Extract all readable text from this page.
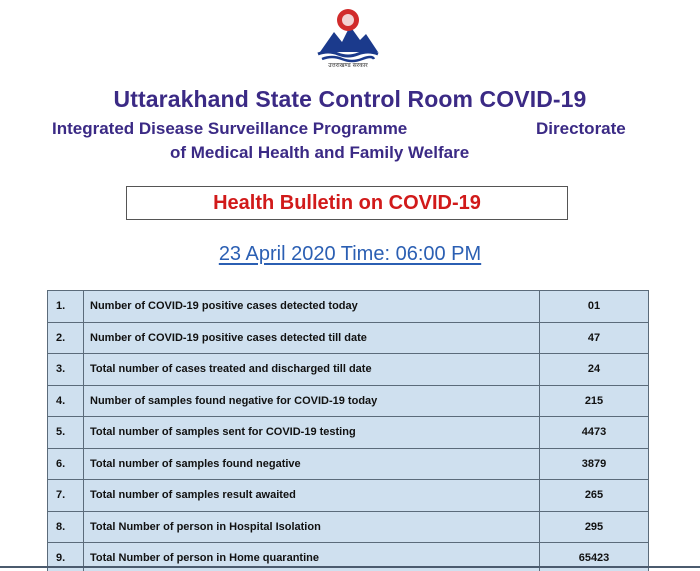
उत्तराखण्ड सरकार
Uttarakhand State Control Room COVID-19
Integrated Disease Surveillance Programme	Directorate
of Medical Health and Family Welfare
Health Bulletin on COVID-19
23 April 2020 Time: 06:00 PM
1.	Number of COVID-19 positive cases detected today	01
2.	Number of COVID-19 positive cases detected till date	47
3.	Total number of cases treated and discharged till date	24
4.	Number of samples found negative for COVID-19 today	215
5.	Total number of samples sent for COVID-19 testing	4473
6.	Total number of samples found negative	3879
7.	Total number of samples result awaited	265
8.	Total Number of person in Hospital Isolation	295
9.	Total Number of person in Home quarantine	65423
